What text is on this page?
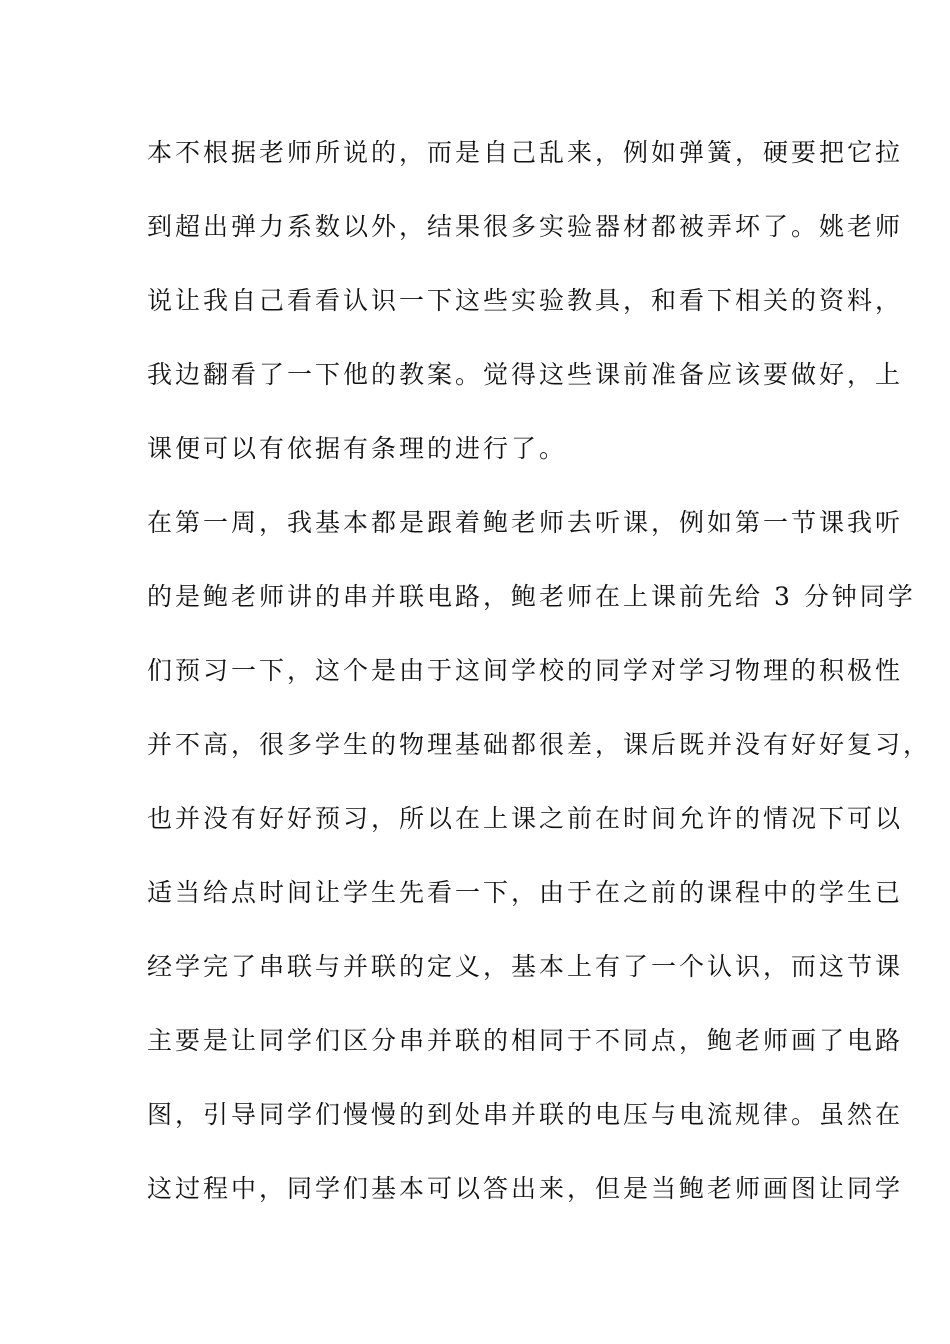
本不根据老师所说的，而是自己乱来，例如弹簧，硬要把它拉
到超出弹力系数以外，结果很多实验器材都被弄坏了。姚老师
说让我自己看看认识一下这些实验教具，和看下相关的资料，
我边翻看了一下他的教案。觉得这些课前准备应该要做好，上
课便可以有依据有条理的进行了。
在第一周，我基本都是跟着鲍老师去听课，例如第一节课我听
的是鲍老师讲的串并联电路，鲍老师在上课前先给 3 分钟同学
们预习一下，这个是由于这间学校的同学对学习物理的积极性
并不高，很多学生的物理基础都很差，课后既并没有好好复习，
也并没有好好预习，所以在上课之前在时间允许的情况下可以
适当给点时间让学生先看一下，由于在之前的课程中的学生已
经学完了串联与并联的定义，基本上有了一个认识，而这节课
主要是让同学们区分串并联的相同于不同点，鲍老师画了电路
图，引导同学们慢慢的到处串并联的电压与电流规律。虽然在
这过程中，同学们基本可以答出来，但是当鲍老师画图让同学
